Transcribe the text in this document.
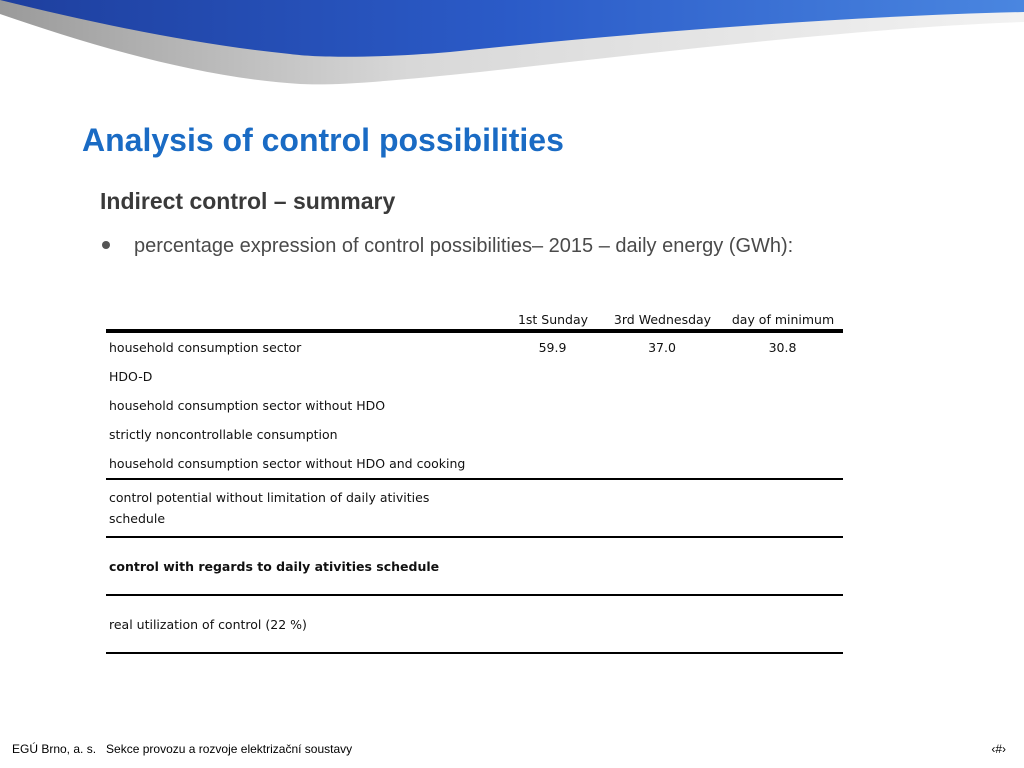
Analysis of control possibilities
Indirect control – summary
percentage expression of control possibilities– 2015 – daily energy (GWh):
	1st Sunday	3rd Wednesday	day of minimum
household consumption sector	59.9	37.0	30.8
HDO-D			
household consumption sector without HDO			
strictly noncontrollable consumption			
household consumption sector without HDO and cooking			
control potential without limitation of daily ativities schedule			
control with regards to daily ativities schedule			
real utilization of control (22 %)			
EGÚ Brno, a. s. Sekce provozu a rozvoje elektrizační soustavy	‹#›
